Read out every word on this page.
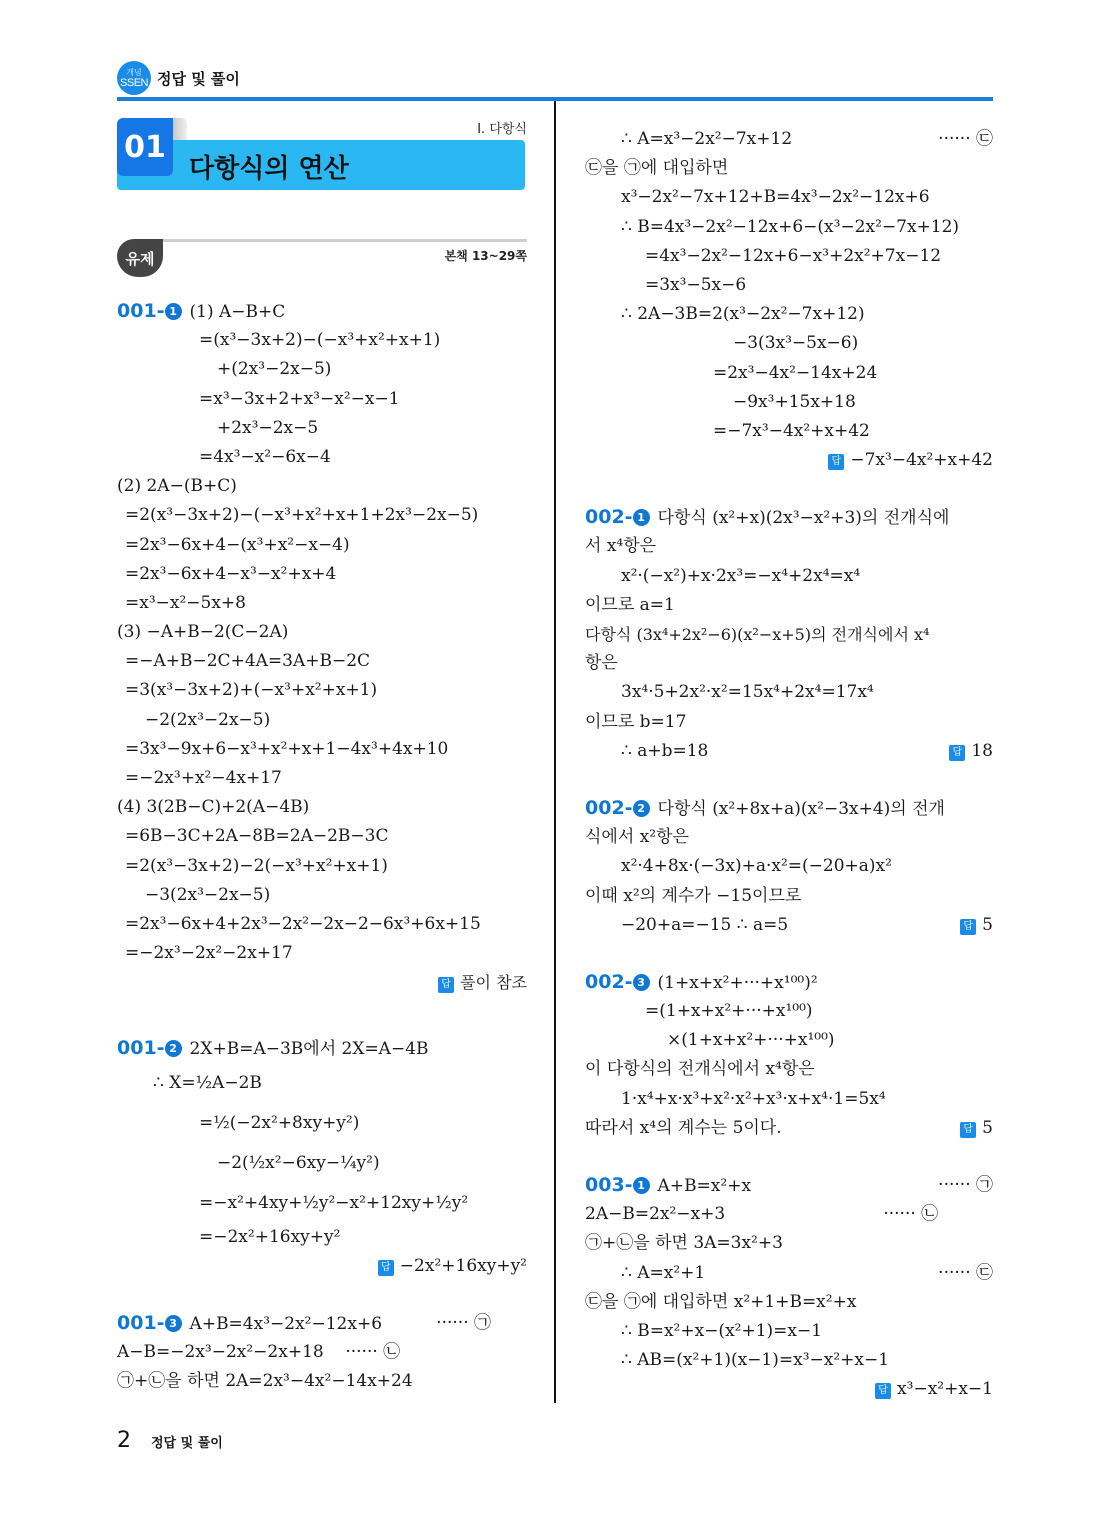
개념
SSEN 정답 및 풀이
01
다항식의 연산
Ⅰ. 다항식
유제	본책 13~29쪽
001- 1 (1) A−B+C
=(x³−3x+2)−(−x³+x²+x+1)
+(2x³−2x−5)
=x³−3x+2+x³−x²−x−1
+2x³−2x−5
=4x³−x²−6x−4
(2) 2A−(B+C)
=2(x³−3x+2)−(−x³+x²+x+1+2x³−2x−5)
=2x³−6x+4−(x³+x²−x−4)
=2x³−6x+4−x³−x²+x+4
=x³−x²−5x+8
(3) −A+B−2(C−2A)
=−A+B−2C+4A=3A+B−2C
=3(x³−3x+2)+(−x³+x²+x+1)
−2(2x³−2x−5)
=3x³−9x+6−x³+x²+x+1−4x³+4x+10
=−2x³+x²−4x+17
(4) 3(2B−C)+2(A−4B)
=6B−3C+2A−8B=2A−2B−3C
=2(x³−3x+2)−2(−x³+x²+x+1)
−3(2x³−2x−5)
=2x³−6x+4+2x³−2x²−2x−2−6x³+6x+15
=−2x³−2x²−2x+17
답 풀이 참조
001- 2 2X+B=A−3B에서 2X=A−4B
∴ X=½A−2B
=½(−2x²+8xy+y²)
−2(½x²−6xy−¼y²)
=−x²+4xy+½y²−x²+12xy+½y²
=−2x²+16xy+y²
답 −2x²+16xy+y²
001- 3 A+B=4x³−2x²−12x+6	······ ㉠
A−B=−2x³−2x²−2x+18 ······ ㉡
㉠+㉡을 하면 2A=2x³−4x²−14x+24
∴ A=x³−2x²−7x+12	······ ㉢
㉢을 ㉠에 대입하면
x³−2x²−7x+12+B=4x³−2x²−12x+6
∴ B=4x³−2x²−12x+6−(x³−2x²−7x+12)
=4x³−2x²−12x+6−x³+2x²+7x−12
=3x³−5x−6
∴ 2A−3B=2(x³−2x²−7x+12)
−3(3x³−5x−6)
=2x³−4x²−14x+24
−9x³+15x+18
=−7x³−4x²+x+42
답 −7x³−4x²+x+42
002- 1 다항식 (x²+x)(2x³−x²+3)의 전개식에
서 x⁴항은
x²·(−x²)+x·2x³=−x⁴+2x⁴=x⁴
이므로 a=1
다항식 (3x⁴+2x²−6)(x²−x+5)의 전개식에서 x⁴
항은
3x⁴·5+2x²·x²=15x⁴+2x⁴=17x⁴
이므로 b=17
∴ a+b=18	답 18
002- 2 다항식 (x²+8x+a)(x²−3x+4)의 전개
식에서 x²항은
x²·4+8x·(−3x)+a·x²=(−20+a)x²
이때 x²의 계수가 −15이므로
−20+a=−15 ∴ a=5	답 5
002- 3 (1+x+x²+···+x¹⁰⁰)²
=(1+x+x²+···+x¹⁰⁰)
×(1+x+x²+···+x¹⁰⁰)
이 다항식의 전개식에서 x⁴항은
1·x⁴+x·x³+x²·x²+x³·x+x⁴·1=5x⁴
따라서 x⁴의 계수는 5이다.	답 5
003- 1 A+B=x²+x	······ ㉠
2A−B=2x²−x+3	······ ㉡
㉠+㉡을 하면 3A=3x²+3
∴ A=x²+1	······ ㉢
㉢을 ㉠에 대입하면 x²+1+B=x²+x
∴ B=x²+x−(x²+1)=x−1
∴ AB=(x²+1)(x−1)=x³−x²+x−1
답 x³−x²+x−1
2 정답 및 풀이
